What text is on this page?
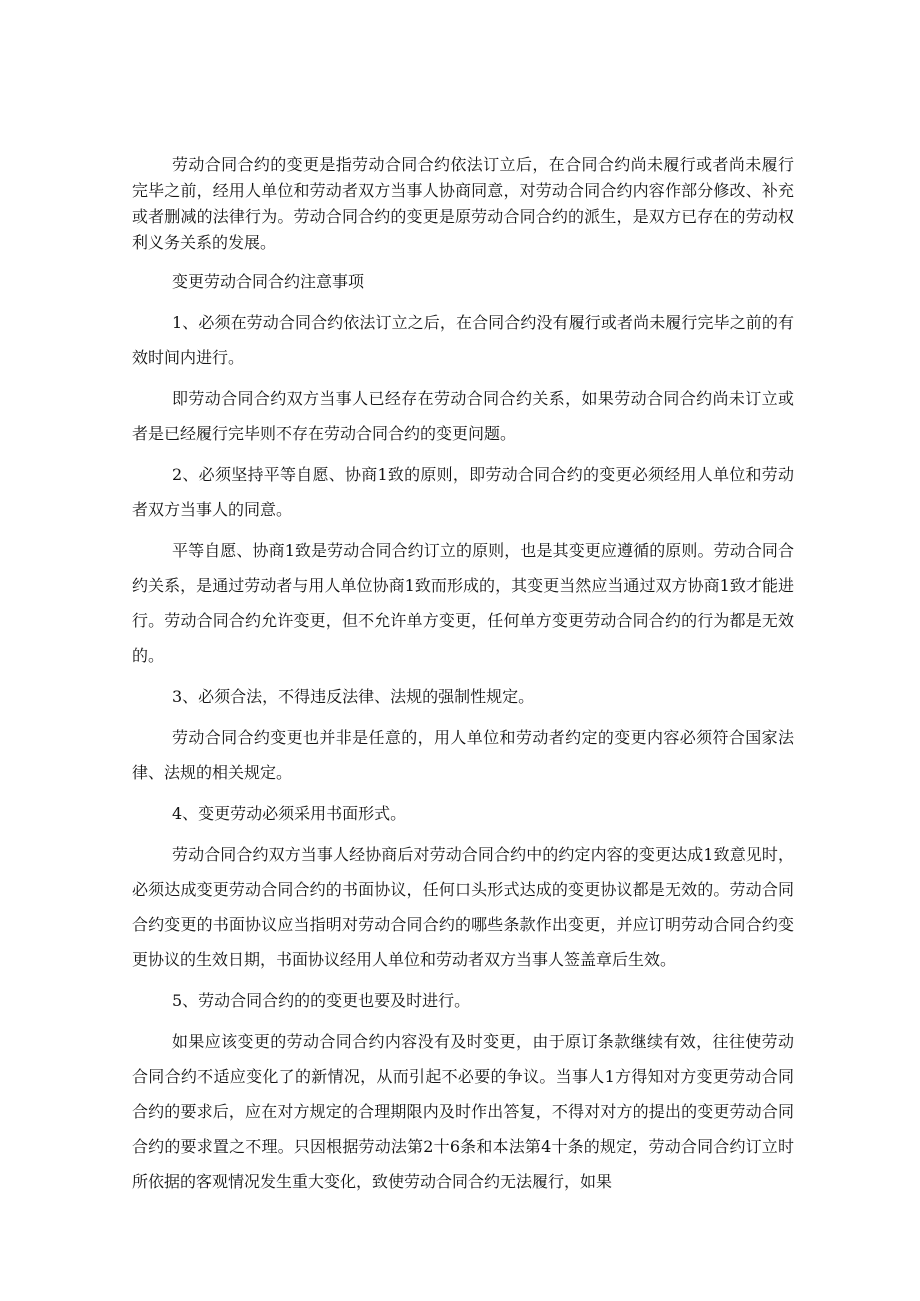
劳动合同合约的变更是指劳动合同合约依法订立后，在合同合约尚未履行或者尚未履行完毕之前，经用人单位和劳动者双方当事人协商同意，对劳动合同合约内容作部分修改、补充或者删减的法律行为。劳动合同合约的变更是原劳动合同合约的派生，是双方已存在的劳动权利义务关系的发展。

变更劳动合同合约注意事项

1、必须在劳动合同合约依法订立之后，在合同合约没有履行或者尚未履行完毕之前的有效时间内进行。

即劳动合同合约双方当事人已经存在劳动合同合约关系，如果劳动合同合约尚未订立或者是已经履行完毕则不存在劳动合同合约的变更问题。

2、必须坚持平等自愿、协商1致的原则，即劳动合同合约的变更必须经用人单位和劳动者双方当事人的同意。

平等自愿、协商1致是劳动合同合约订立的原则，也是其变更应遵循的原则。劳动合同合约关系，是通过劳动者与用人单位协商1致而形成的，其变更当然应当通过双方协商1致才能进行。劳动合同合约允许变更，但不允许单方变更，任何单方变更劳动合同合约的行为都是无效的。

3、必须合法，不得违反法律、法规的强制性规定。

劳动合同合约变更也并非是任意的，用人单位和劳动者约定的变更内容必须符合国家法律、法规的相关规定。

4、变更劳动必须采用书面形式。

劳动合同合约双方当事人经协商后对劳动合同合约中的约定内容的变更达成1致意见时，必须达成变更劳动合同合约的书面协议，任何口头形式达成的变更协议都是无效的。劳动合同合约变更的书面协议应当指明对劳动合同合约的哪些条款作出变更，并应订明劳动合同合约变更协议的生效日期，书面协议经用人单位和劳动者双方当事人签盖章后生效。

5、劳动合同合约的的变更也要及时进行。

如果应该变更的劳动合同合约内容没有及时变更，由于原订条款继续有效，往往使劳动合同合约不适应变化了的新情况，从而引起不必要的争议。当事人1方得知对方变更劳动合同合约的要求后，应在对方规定的合理期限内及时作出答复，不得对对方的提出的变更劳动合同合约的要求置之不理。只因根据劳动法第2十6条和本法第4十条的规定，劳动合同合约订立时所依据的客观情况发生重大变化，致使劳动合同合约无法履行，如果
